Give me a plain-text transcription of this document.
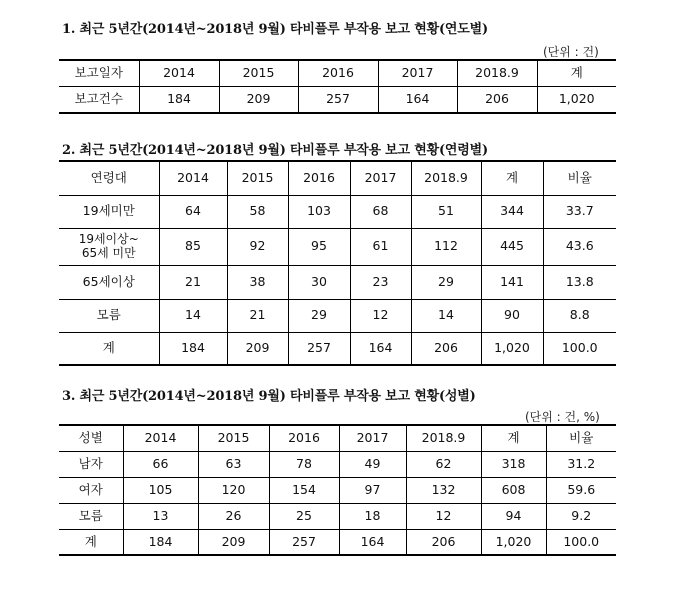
1. 최근 5년간(2014년~2018년 9월) 타비플루 부작용 보고 현황(연도별)
(단위 : 건)
보고일자	2014	2015	2016	2017	2018.9	계
보고건수	184	209	257	164	206	1,020
2. 최근 5년간(2014년~2018년 9월) 타비플루 부작용 보고 현황(연령별)
연령대	2014	2015	2016	2017	2018.9	계	비율
19세미만	64	58	103	68	51	344	33.7

19세이상~
65세 미만	85	92	95	61	112	445	43.6
65세이상	21	38	30	23	29	141	13.8
모름	14	21	29	12	14	90	8.8
계	184	209	257	164	206	1,020	100.0
3. 최근 5년간(2014년~2018년 9월) 타비플루 부작용 보고 현황(성별)
(단위 : 건, %)
성별	2014	2015	2016	2017	2018.9	계	비율
남자	66	63	78	49	62	318	31.2
여자	105	120	154	97	132	608	59.6
모름	13	26	25	18	12	94	9.2
계	184	209	257	164	206	1,020	100.0
